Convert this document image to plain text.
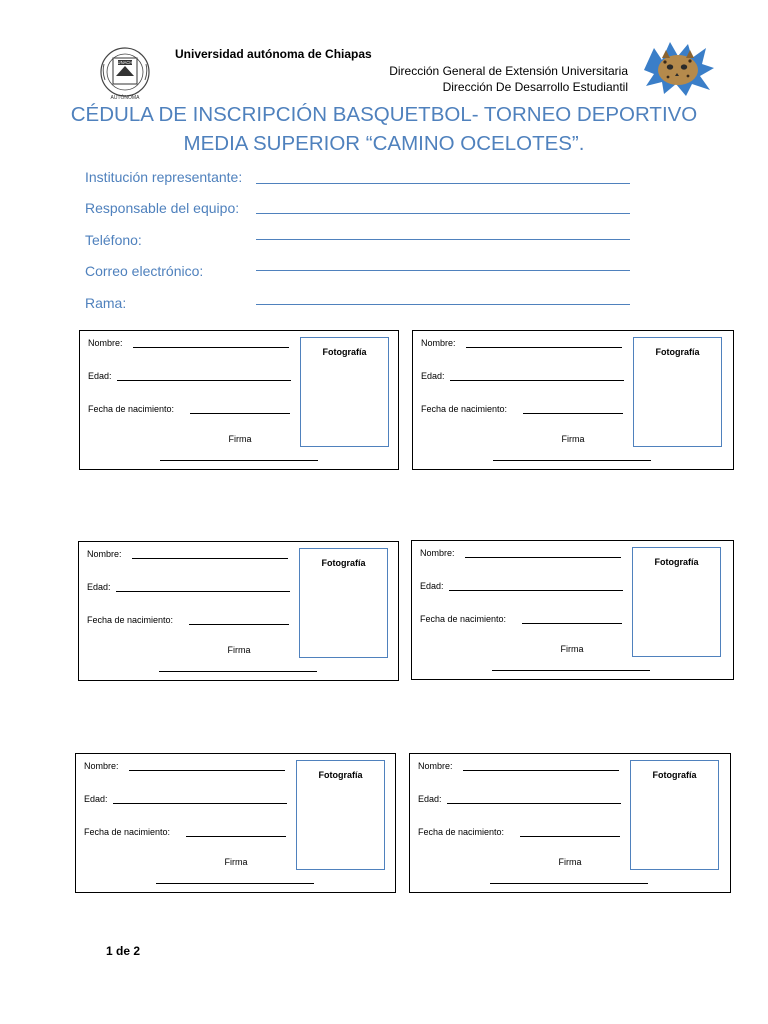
UNACH
AUTÓNOMA
Universidad autónoma de Chiapas
Dirección General de Extensión Universitaria
Dirección De Desarrollo Estudiantil
CÉDULA DE INSCRIPCIÓN BASQUETBOL- TORNEO DEPORTIVO
MEDIA SUPERIOR “CAMINO OCELOTES”.
Institución representante:
Responsable del equipo:
Teléfono:
Correo electrónico:
Rama:
Nombre:
Edad:
Fecha de nacimiento:
Fotografía
Firma
Nombre:
Edad:
Fecha de nacimiento:
Fotografía
Firma
Nombre:
Edad:
Fecha de nacimiento:
Fotografía
Firma
Nombre:
Edad:
Fecha de nacimiento:
Fotografía
Firma
Nombre:
Edad:
Fecha de nacimiento:
Fotografía
Firma
Nombre:
Edad:
Fecha de nacimiento:
Fotografía
Firma
1 de 2
